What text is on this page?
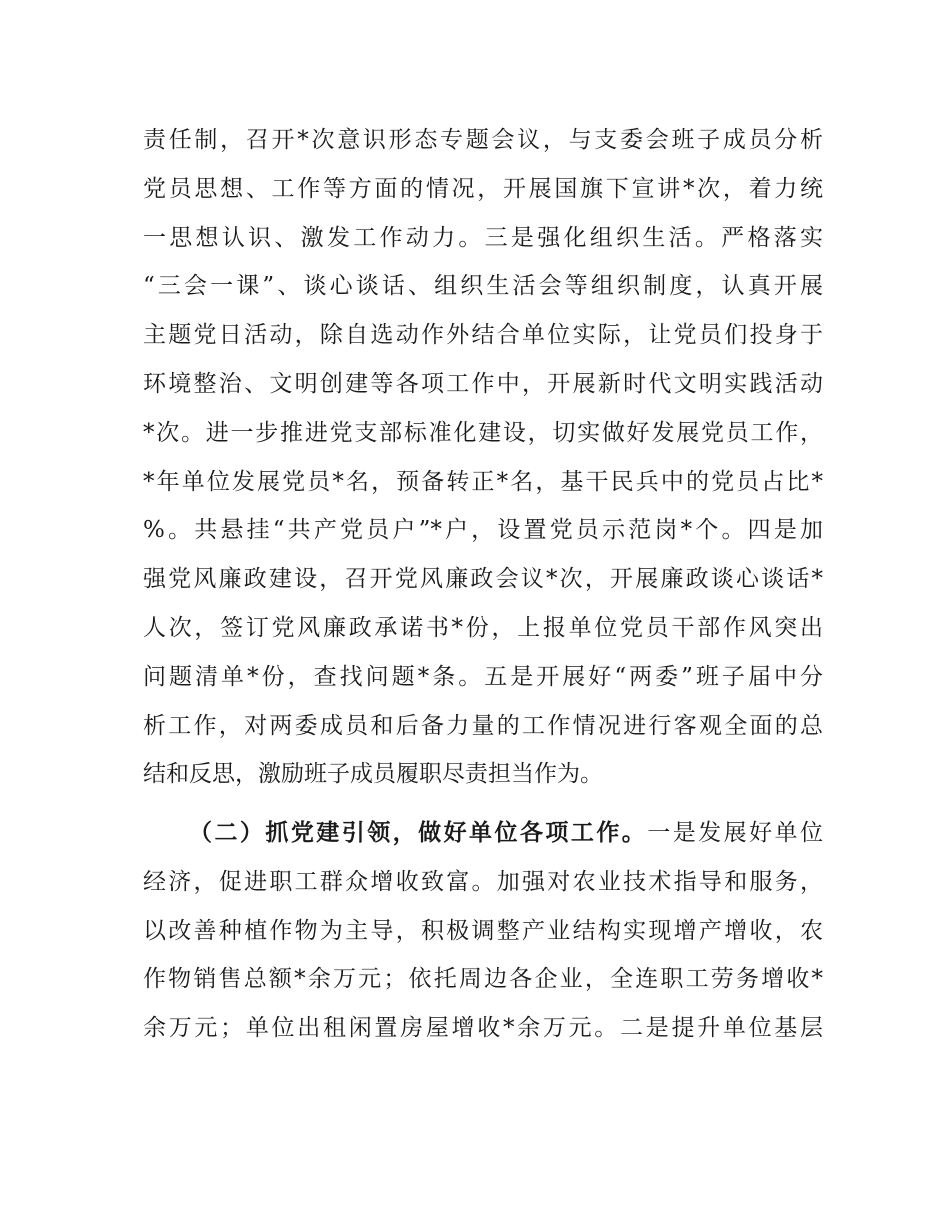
责任制，召开*次意识形态专题会议，与支委会班子成员分析
党员思想、工作等方面的情况，开展国旗下宣讲*次，着力统
一思想认识、激发工作动力。三是强化组织生活。严格落实
“三会一课”、谈心谈话、组织生活会等组织制度，认真开展
主题党日活动，除自选动作外结合单位实际，让党员们投身于
环境整治、文明创建等各项工作中，开展新时代文明实践活动
*次。进一步推进党支部标准化建设，切实做好发展党员工作，
*年单位发展党员*名，预备转正*名，基干民兵中的党员占比*
%。共悬挂“共产党员户”*户，设置党员示范岗*个。四是加
强党风廉政建设，召开党风廉政会议*次，开展廉政谈心谈话*
人次，签订党风廉政承诺书*份，上报单位党员干部作风突出
问题清单*份，查找问题*条。五是开展好“两委”班子届中分
析工作，对两委成员和后备力量的工作情况进行客观全面的总
结和反思，激励班子成员履职尽责担当作为。
（二）抓党建引领，做好单位各项工作。一是发展好单位
经济，促进职工群众增收致富。加强对农业技术指导和服务，
以改善种植作物为主导，积极调整产业结构实现增产增收，农
作物销售总额*余万元；依托周边各企业，全连职工劳务增收*
余万元；单位出租闲置房屋增收*余万元。二是提升单位基层
